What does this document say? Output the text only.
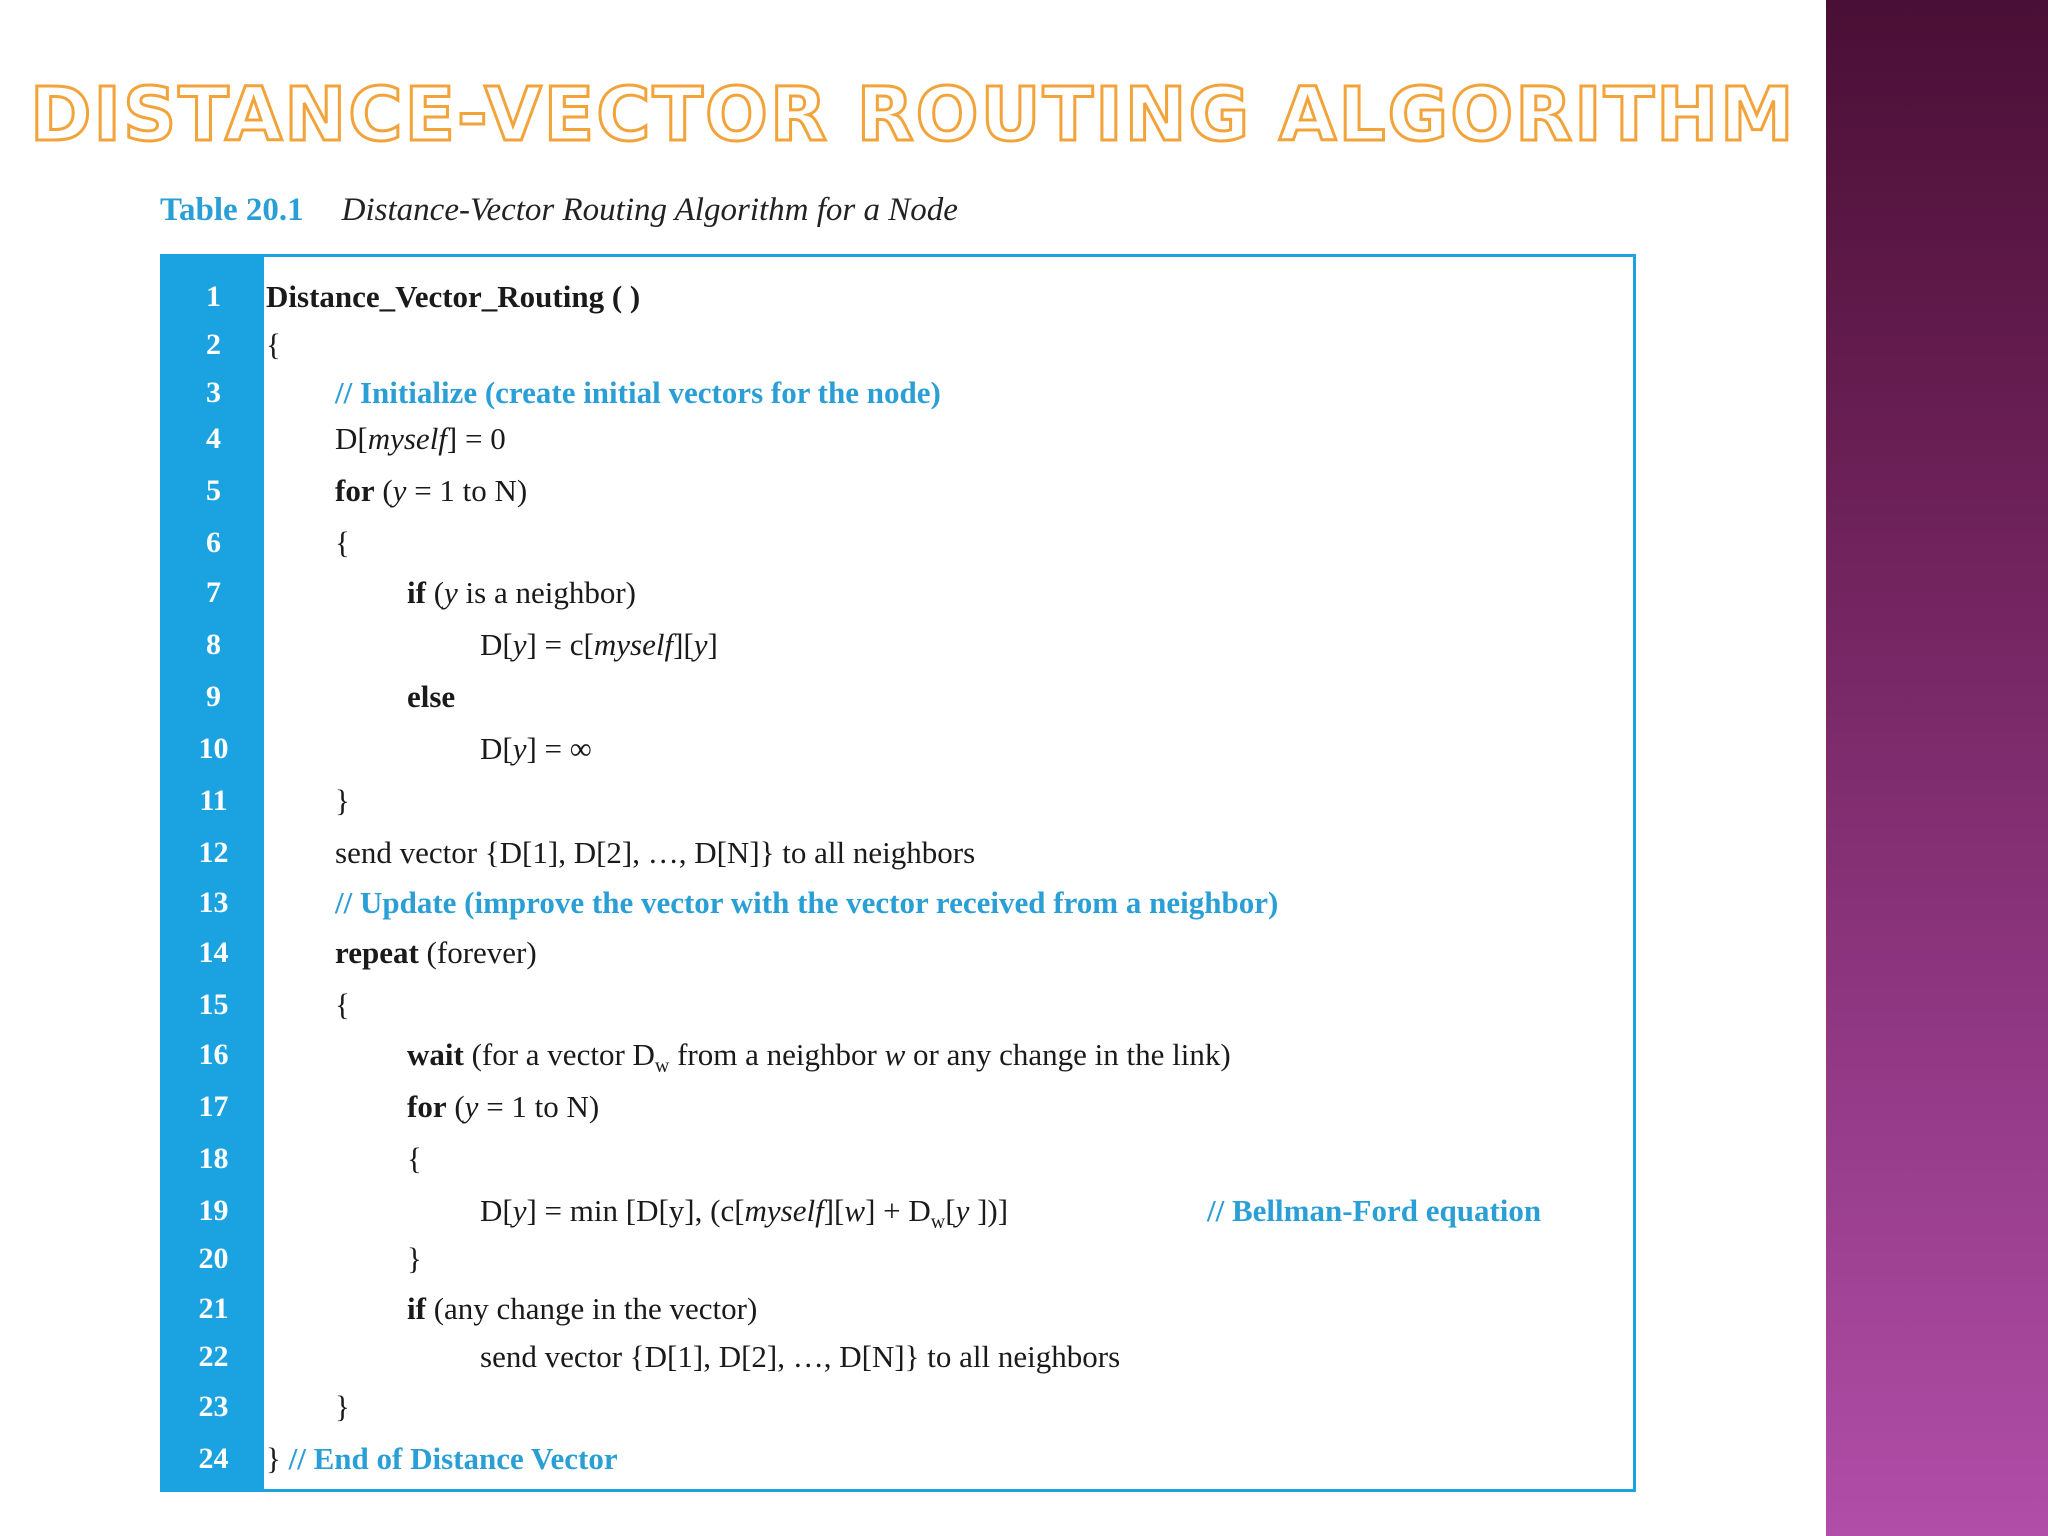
DISTANCE-VECTOR ROUTING ALGORITHM
Table 20.1 Distance-Vector Routing Algorithm for a Node
1	Distance_Vector_Routing ( )
2	{
3	// Initialize (create initial vectors for the node)
4	D[myself] = 0
5	for (y = 1 to N)
6	{
7	if (y is a neighbor)
8	D[y] = c[myself][y]
9	else
10	D[y] = ∞
11	}
12	send vector {D[1], D[2], …, D[N]} to all neighbors
13	// Update (improve the vector with the vector received from a neighbor)
14	repeat (forever)
15	{
16	wait (for a vector $D_w$ from a neighbor w or any change in the link)
17	for (y = 1 to N)
18	{
19	D[y] = min [D[y], (c[myself][w] + $D_w[y$ ])]	// Bellman-Ford equation
20	}
21	if (any change in the vector)
22	send vector {D[1], D[2], …, D[N]} to all neighbors
23	}
24	} // End of Distance Vector
